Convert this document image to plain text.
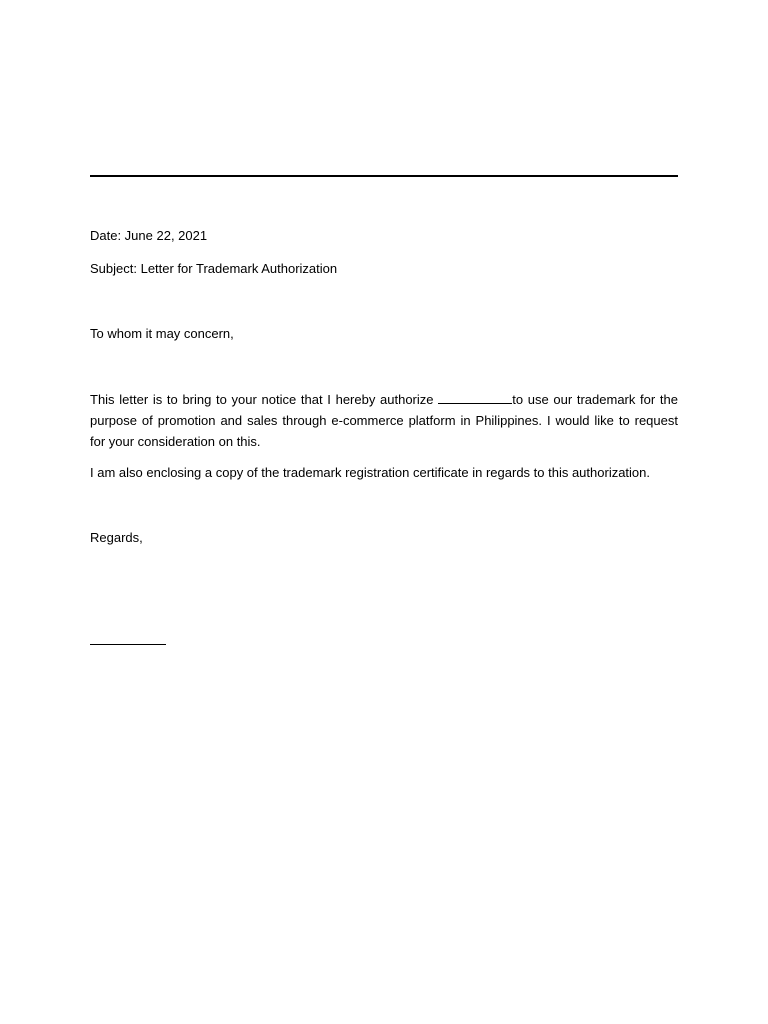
Date: June 22, 2021

Subject: Letter for Trademark Authorization

To whom it may concern,

This letter is to bring to your notice that I hereby authorize	to use our trademark for the purpose of promotion and sales through e-commerce platform in Philippines. I would like to request for your consideration on this.

I am also enclosing a copy of the trademark registration certificate in regards to this authorization.

Regards,
